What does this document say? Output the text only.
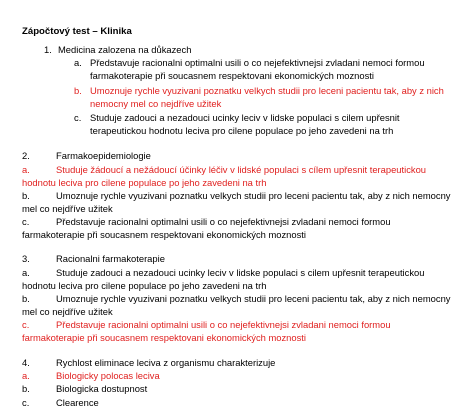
Zápočtový test – Klinika
1. Medicina zalozena na důkazech
a. Představuje racionalni optimalni usili o co nejefektivnejsi zvladani nemoci formou farmakoterapie při soucasnem respektovani ekonomických moznosti
b. Umoznuje rychle vyuzivani poznatku velkych studii pro leceni pacientu tak, aby z nich nemocny mel co nejdříve užitek
c. Studuje zadouci a nezadouci ucinky leciv v lidske populaci s cilem upřesnit terapeutickou hodnotu leciva pro cilene populace po jeho zavedeni na trh
2.	Farmakoepidemiologie
a.	Studuje žádoucí a nežádoucí účinky léčiv v lidské populaci s cílem upřesnit terapeutickou hodnotu leciva pro cilene populace po jeho zavedeni na trh
b.	Umoznuje rychle vyuzivani poznatku velkych studii pro leceni pacientu tak, aby z nich nemocny mel co nejdříve užitek
c.	Představuje racionalni optimalni usili o co nejefektivnejsi zvladani nemoci formou farmakoterapie při soucasnem respektovani ekonomických moznosti
3.	Racionalni farmakoterapie
a.	Studuje zadouci a nezadouci ucinky leciv v lidske populaci s cilem upřesnit terapeutickou hodnotu leciva pro cilene populace po jeho zavedeni na trh
b.	Umoznuje rychle vyuzivani poznatku velkych studii pro leceni pacientu tak, aby z nich nemocny mel co nejdříve užitek
c.	Představuje racionalni optimalni usili o co nejefektivnejsi zvladani nemoci formou farmakoterapie při soucasnem respektovani ekonomických moznosti
4.	Rychlost eliminace leciva z organismu charakterizuje
a.	Biologicky polocas leciva
b.	Biologicka dostupnost
c.	Clearence
